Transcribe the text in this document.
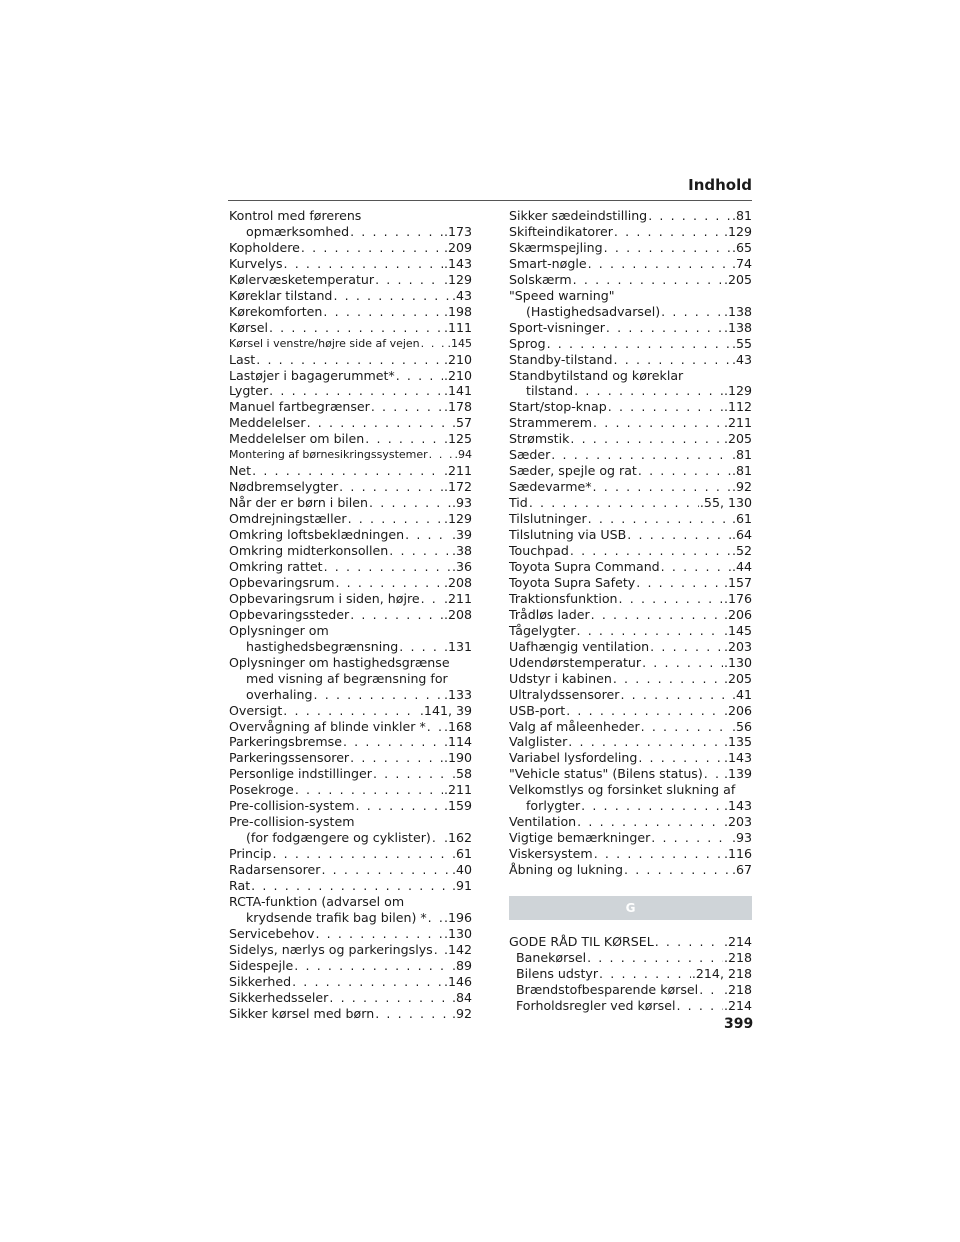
Indhold
Kontrol med førerens
opmærksomhed . . .	.173
Kopholdere . . .	.209
Kurvelys . . .	.143
Kølervæsketemperatur . . .	.129
Køreklar tilstand . . .	.43
Kørekomforten . . .	.198
Kørsel . . .	.111
Kørsel i venstre/højre side af vejen . . .	.145
Last . . .	.210
Lastøjer i bagagerummet* . . .	.210
Lygter . . .	.141
Manuel fartbegrænser . . .	.178
Meddelelser . . .	.57
Meddelelser om bilen . . .	.125
Montering af børnesikringssystemer . . . .94
Net . . .	.211
Nødbremselygter . . .	.172
Når der er børn i bilen . . .	.93
Omdrejningstæller . . .	.129
Omkring loftsbeklædningen . . .	.39
Omkring midterkonsollen . . .	.38
Omkring rattet . . .	.36
Opbevaringsrum . . .	.208
Opbevaringsrum i siden, højre . . . .211
Opbevaringssteder . . .	.208
Oplysninger om
hastighedsbegrænsning . . .	.131
Oplysninger om hastighedsgrænse
med visning af begrænsning for
overhaling . . .	.133
Oversigt . . .	.141, 39
Overvågning af blinde vinkler * . . . .168
Parkeringsbremse . . .	.114
Parkeringssensorer . . .	.190
Personlige indstillinger . . .	.58
Posekroge . . .	.211
Pre-collision-system . . .	.159
Pre-collision-system
(for fodgængere og cyklister) . . . .162
Princip . . .	.61
Radarsensorer . . .	.40
Rat . . .	.91
RCTA-funktion (advarsel om
krydsende trafik bag bilen) * . . . .196
Servicebehov . . .	.130
Sidelys, nærlys og parkeringslys . . . .142
Sidespejle . . .	.89
Sikkerhed . . .	.146
Sikkerhedsseler . . .	.84
Sikker kørsel med børn . . .	.92
Sikker sædeindstilling . . .	.81
Skifteindikatorer . . .	.129
Skærmspejling . . .	.65
Smart-nøgle . . .	.74
Solskærm . . .	.205
"Speed warning"
(Hastighedsadvarsel) . . .	.138
Sport-visninger . . .	.138
Sprog . . .	.55
Standby-tilstand . . .	.43
Standbytilstand og køreklar
tilstand . . .	.129
Start/stop-knap . . .	.112
Strammerem . . .	.211
Strømstik . . .	.205
Sæder . . .	.81
Sæder, spejle og rat . . .	.81
Sædevarme* . . .	.92
Tid . . .	.55, 130
Tilslutninger . . .	.61
Tilslutning via USB . . .	.64
Touchpad . . .	.52
Toyota Supra Command . . .	.44
Toyota Supra Safety . . .	.157
Traktionsfunktion . . .	.176
Trådløs lader . . .	.206
Tågelygter . . .	.145
Uafhængig ventilation . . .	.203
Udendørstemperatur . . .	.130
Udstyr i kabinen . . .	.205
Ultralydssensorer . . .	.41
USB-port . . .	.206
Valg af måleenheder . . .	.56
Valglister . . .	.135
Variabel lysfordeling . . .	.143
"Vehicle status" (Bilens status) . . . .139
Velkomstlys og forsinket slukning af
forlygter . . .	.143
Ventilation . . .	.203
Vigtige bemærkninger . . .	.93
Viskersystem . . .	.116
Åbning og lukning . . .	.67
G
GODE RÅD TIL KØRSEL . . .	.214
Banekørsel . . .	.218
Bilens udstyr . . .	.214, 218
Brændstofbesparende kørsel . . . .218
Forholdsregler ved kørsel . . .	.214
399
